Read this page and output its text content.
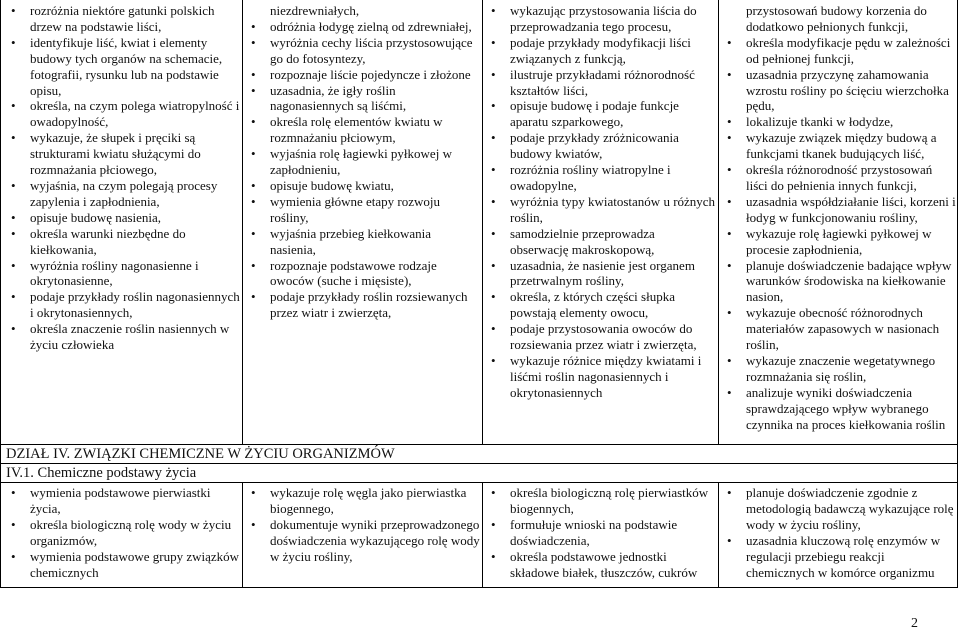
• rozróżnia niektóre gatunki polskich drzew na podstawie liści,
• identyfikuje liść, kwiat i elementy budowy tych organów na schemacie, fotografii, rysunku lub na podstawie opisu,
• określa, na czym polega wiatropylność i owadopylność,
• wykazuje, że słupek i pręciki są strukturami kwiatu służącymi do rozmnażania płciowego,
• wyjaśnia, na czym polegają procesy zapylenia i zapłodnienia,
• opisuje budowę nasienia,
• określa warunki niezbędne do kiełkowania,
• wyróżnia rośliny nagonasienne i okrytonasienne,
• podaje przykłady roślin nagonasiennych i okrytonasiennych,
• określa znaczenie roślin nasiennych w życiu człowieka
niezdrewniałych,
• odróżnia łodygę zielną od zdrewniałej,
• wyróżnia cechy liścia przystosowujące go do fotosyntezy,
• rozpoznaje liście pojedyncze i złożone
• uzasadnia, że igły roślin nagonasiennych są liśćmi,
• określa rolę elementów kwiatu w rozmnażaniu płciowym,
• wyjaśnia rolę łagiewki pyłkowej w zapłodnieniu,
• opisuje budowę kwiatu,
• wymienia główne etapy rozwoju rośliny,
• wyjaśnia przebieg kiełkowania nasienia,
• rozpoznaje podstawowe rodzaje owoców (suche i mięsiste),
• podaje przykłady roślin rozsiewanych przez wiatr i zwierzęta,
• wykazując przystosowania liścia do przeprowadzania tego procesu,
• podaje przykłady modyfikacji liści związanych z funkcją,
• ilustruje przykładami różnorodność kształtów liści,
• opisuje budowę i podaje funkcje aparatu szparkowego,
• podaje przykłady zróżnicowania budowy kwiatów,
• rozróżnia rośliny wiatropylne i owadopylne,
• wyróżnia typy kwiatostanów u różnych roślin,
• samodzielnie przeprowadza obserwację makroskopową,
• uzasadnia, że nasienie jest organem przetrwalnym rośliny,
• określa, z których części słupka powstają elementy owocu,
• podaje przystosowania owoców do rozsiewania przez wiatr i zwierzęta,
• wykazuje różnice między kwiatami i liśćmi roślin nagonasiennych i okrytonasiennych
przystosowań budowy korzenia do dodatkowo pełnionych funkcji,
• określa modyfikacje pędu w zależności od pełnionej funkcji,
• uzasadnia przyczynę zahamowania wzrostu rośliny po ścięciu wierzchołka pędu,
• lokalizuje tkanki w łodydze,
• wykazuje związek między budową a funkcjami tkanek budujących liść,
• określa różnorodność przystosowań liści do pełnienia innych funkcji,
• uzasadnia współdziałanie liści, korzeni i łodyg w funkcjonowaniu rośliny,
• wykazuje rolę łagiewki pyłkowej w procesie zapłodnienia,
• planuje doświadczenie badające wpływ warunków środowiska na kiełkowanie nasion,
• wykazuje obecność różnorodnych materiałów zapasowych w nasionach roślin,
• wykazuje znaczenie wegetatywnego rozmnażania się roślin,
• analizuje wyniki doświadczenia sprawdzającego wpływ wybranego czynnika na proces kiełkowania roślin
DZIAŁ IV. ZWIĄZKI CHEMICZNE W ŻYCIU ORGANIZMÓW
IV.1. Chemiczne podstawy życia
• wymienia podstawowe pierwiastki życia,
• określa biologiczną rolę wody w życiu organizmów,
• wymienia podstawowe grupy związków chemicznych
• wykazuje rolę węgla jako pierwiastka biogennego,
• dokumentuje wyniki przeprowadzonego doświadczenia wykazującego rolę wody w życiu rośliny,
• określa biologiczną rolę pierwiastków biogennych,
• formułuje wnioski na podstawie doświadczenia,
• określa podstawowe jednostki składowe białek, tłuszczów, cukrów
• planuje doświadczenie zgodnie z metodologią badawczą wykazujące rolę wody w życiu rośliny,
• uzasadnia kluczową rolę enzymów w regulacji przebiegu reakcji chemicznych w komórce organizmu
2
